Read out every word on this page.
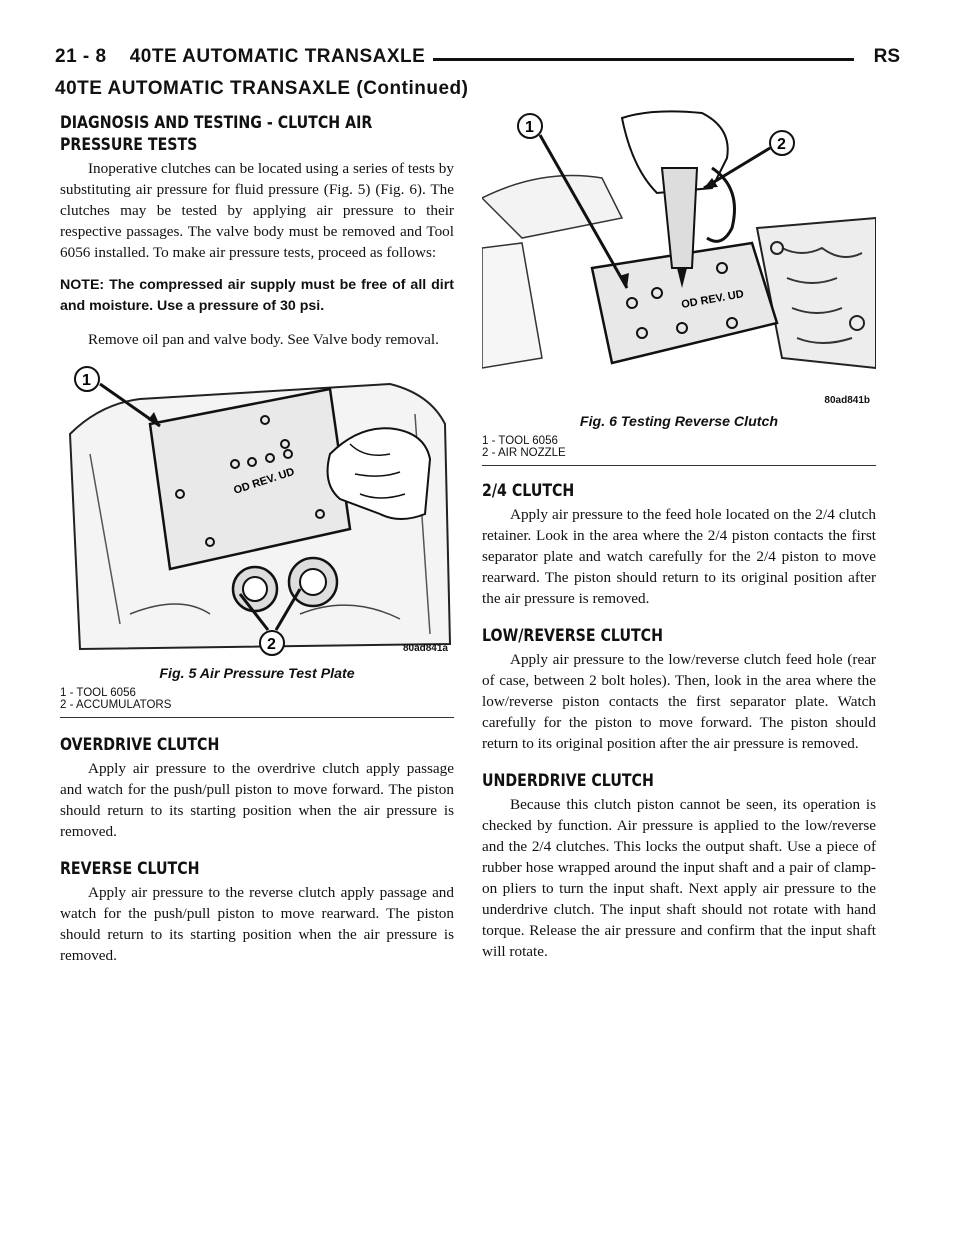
21 - 8    40TE AUTOMATIC TRANSAXLE	RS
40TE AUTOMATIC TRANSAXLE (Continued)
DIAGNOSIS AND TESTING - CLUTCH AIR
PRESSURE TESTS

Inoperative clutches can be located using a series of tests by substituting air pressure for fluid pressure (Fig. 5) (Fig. 6). The clutches may be tested by applying air pressure to their respective passages. The valve body must be removed and Tool 6056 installed. To make air pressure tests, proceed as follows:

NOTE: The compressed air supply must be free of all dirt and moisture. Use a pressure of 30 psi.

Remove oil pan and valve body. See Valve body removal.

OD REV. UD
1
2	80ad841a
Fig. 5 Air Pressure Test Plate
1 - TOOL 6056
2 - ACCUMULATORS
OVERDRIVE CLUTCH

Apply air pressure to the overdrive clutch apply passage and watch for the push/pull piston to move forward. The piston should return to its starting position when the air pressure is removed.

REVERSE CLUTCH

Apply air pressure to the reverse clutch apply passage and watch for the push/pull piston to move rearward. The piston should return to its starting position when the air pressure is removed.

OD REV. UD
1
2
80ad841b
Fig. 6 Testing Reverse Clutch
1 - TOOL 6056
2 - AIR NOZZLE
2/4 CLUTCH

Apply air pressure to the feed hole located on the 2/4 clutch retainer. Look in the area where the 2/4 piston contacts the first separator plate and watch carefully for the 2/4 piston to move rearward. The piston should return to its original position after the air pressure is removed.

LOW/REVERSE CLUTCH

Apply air pressure to the low/reverse clutch feed hole (rear of case, between 2 bolt holes). Then, look in the area where the low/reverse piston contacts the first separator plate. Watch carefully for the piston to move forward. The piston should return to its original position after the air pressure is removed.

UNDERDRIVE CLUTCH

Because this clutch piston cannot be seen, its operation is checked by function. Air pressure is applied to the low/reverse and the 2/4 clutches. This locks the output shaft. Use a piece of rubber hose wrapped around the input shaft and a pair of clamp-on pliers to turn the input shaft. Next apply air pressure to the underdrive clutch. The input shaft should not rotate with hand torque. Release the air pressure and confirm that the input shaft will rotate.
